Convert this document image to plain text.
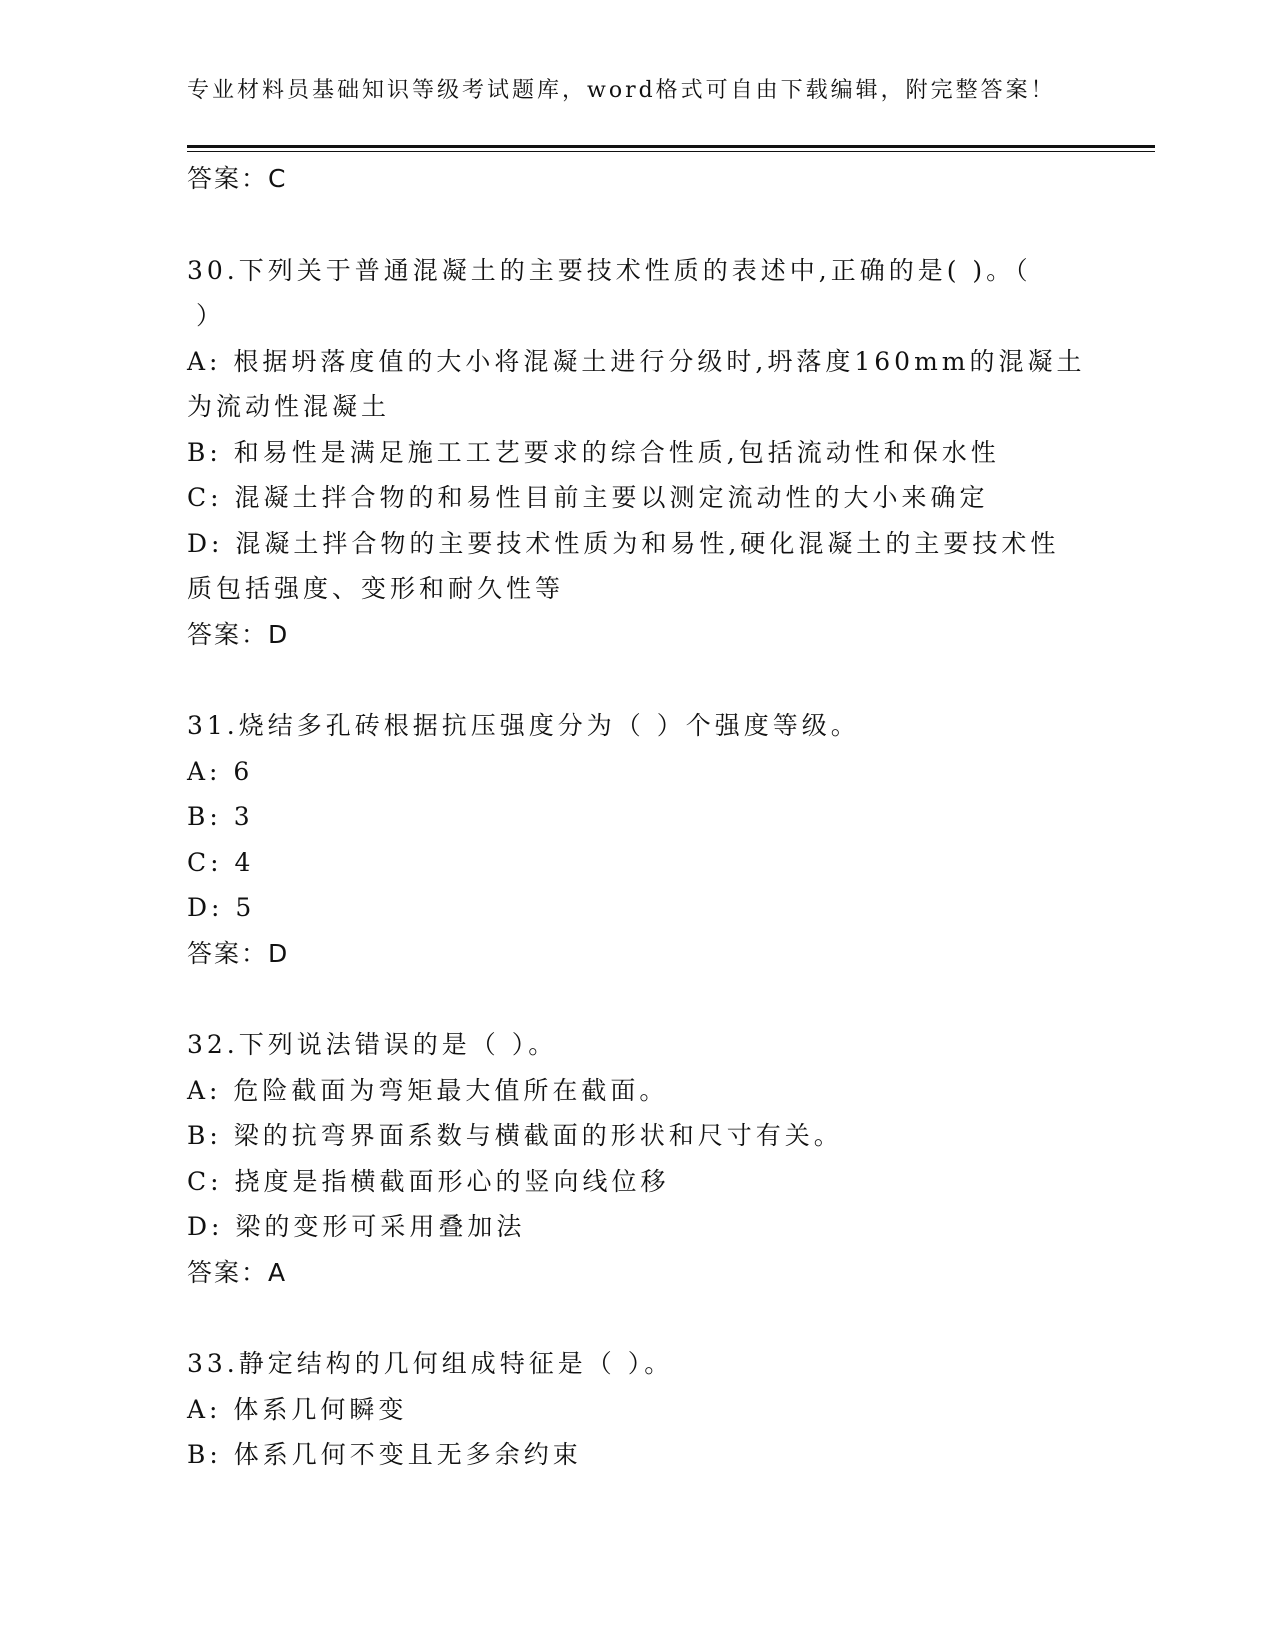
专业材料员基础知识等级考试题库，word格式可自由下载编辑，附完整答案！
答案：C
30.下列关于普通混凝土的主要技术性质的表述中,正确的是( )。（
）
A: 根据坍落度值的大小将混凝土进行分级时,坍落度160mm的混凝土
为流动性混凝土
B: 和易性是满足施工工艺要求的综合性质,包括流动性和保水性
C: 混凝土拌合物的和易性目前主要以测定流动性的大小来确定
D: 混凝土拌合物的主要技术性质为和易性,硬化混凝土的主要技术性
质包括强度、变形和耐久性等
答案：D
31.烧结多孔砖根据抗压强度分为（ ）个强度等级。
A: 6
B: 3
C: 4
D: 5
答案：D
32.下列说法错误的是（ ）。
A: 危险截面为弯矩最大值所在截面。
B: 梁的抗弯界面系数与横截面的形状和尺寸有关。
C: 挠度是指横截面形心的竖向线位移
D: 梁的变形可采用叠加法
答案：A
33.静定结构的几何组成特征是（ ）。
A: 体系几何瞬变
B: 体系几何不变且无多余约束
